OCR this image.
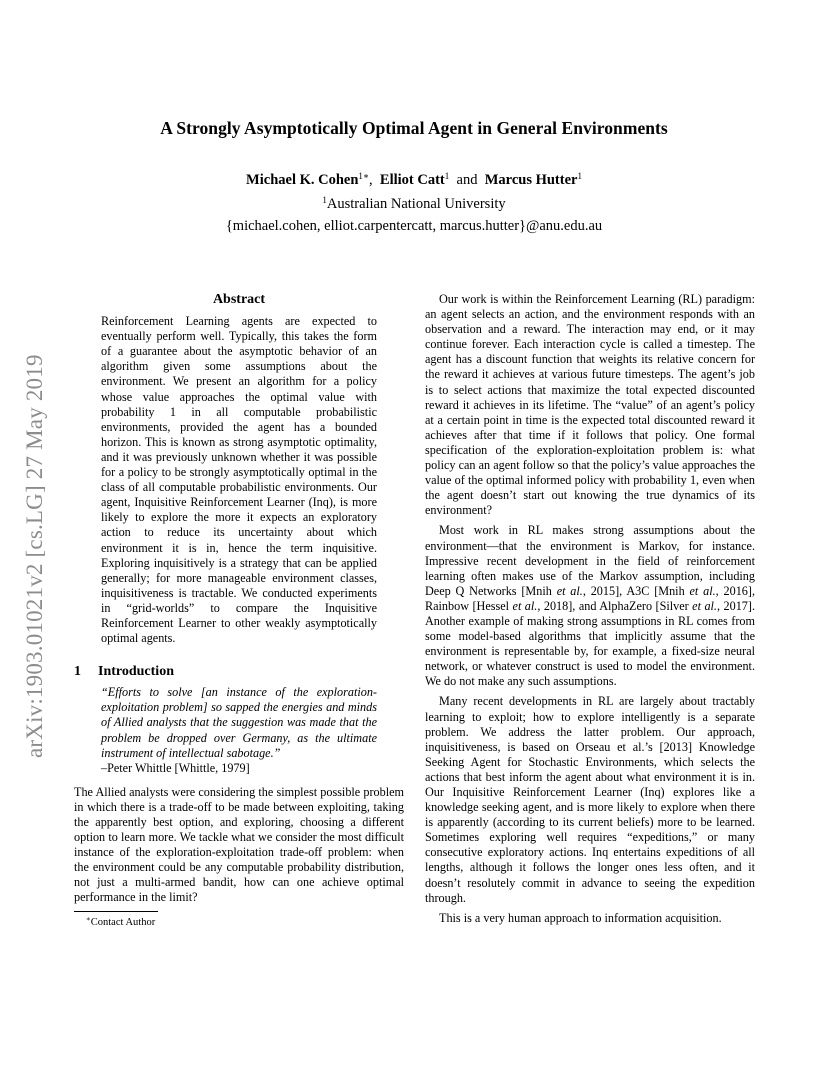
arXiv:1903.01021v2 [cs.LG] 27 May 2019
A Strongly Asymptotically Optimal Agent in General Environments
Michael K. Cohen$^{1∗}$, Elliot Catt$^1$ and Marcus Hutter$^1$
$^1$Australian National University
{michael.cohen, elliot.carpentercatt, marcus.hutter}@anu.edu.au
Abstract
Reinforcement Learning agents are expected to eventually perform well. Typically, this takes the form of a guarantee about the asymptotic behavior of an algorithm given some assumptions about the environment. We present an algorithm for a policy whose value approaches the optimal value with probability 1 in all computable probabilistic environments, provided the agent has a bounded horizon. This is known as strong asymptotic optimality, and it was previously unknown whether it was possible for a policy to be strongly asymptotically optimal in the class of all computable probabilistic environments. Our agent, Inquisitive Reinforcement Learner (Inq), is more likely to explore the more it expects an exploratory action to reduce its uncertainty about which environment it is in, hence the term inquisitive. Exploring inquisitively is a strategy that can be applied generally; for more manageable environment classes, inquisitiveness is tractable. We conducted experiments in “grid-worlds” to compare the Inquisitive Reinforcement Learner to other weakly asymptotically optimal agents.
1 Introduction
“Efforts to solve [an instance of the exploration-exploitation problem] so sapped the energies and minds of Allied analysts that the suggestion was made that the problem be dropped over Germany, as the ultimate instrument of intellectual sabotage.”
–Peter Whittle [Whittle, 1979]

The Allied analysts were considering the simplest possible problem in which there is a trade-off to be made between exploiting, taking the apparently best option, and exploring, choosing a different option to learn more. We tackle what we consider the most difficult instance of the exploration-exploitation trade-off problem: when the environment could be any computable probability distribution, not just a multi-armed bandit, how can one achieve optimal performance in the limit?

∗Contact Author

Our work is within the Reinforcement Learning (RL) paradigm: an agent selects an action, and the environment responds with an observation and a reward. The interaction may end, or it may continue forever. Each interaction cycle is called a timestep. The agent has a discount function that weights its relative concern for the reward it achieves at various future timesteps. The agent’s job is to select actions that maximize the total expected discounted reward it achieves in its lifetime. The “value” of an agent’s policy at a certain point in time is the expected total discounted reward it achieves after that time if it follows that policy. One formal specification of the exploration-exploitation problem is: what policy can an agent follow so that the policy’s value approaches the value of the optimal informed policy with probability 1, even when the agent doesn’t start out knowing the true dynamics of its environment?

Most work in RL makes strong assumptions about the environment—that the environment is Markov, for instance. Impressive recent development in the field of reinforcement learning often makes use of the Markov assumption, including Deep Q Networks [Mnih et al., 2015], A3C [Mnih et al., 2016], Rainbow [Hessel et al., 2018], and AlphaZero [Silver et al., 2017]. Another example of making strong assumptions in RL comes from some model-based algorithms that implicitly assume that the environment is representable by, for example, a fixed-size neural network, or whatever construct is used to model the environment. We do not make any such assumptions.

Many recent developments in RL are largely about tractably learning to exploit; how to explore intelligently is a separate problem. We address the latter problem. Our approach, inquisitiveness, is based on Orseau et al.’s [2013] Knowledge Seeking Agent for Stochastic Environments, which selects the actions that best inform the agent about what environment it is in. Our Inquisitive Reinforcement Learner (Inq) explores like a knowledge seeking agent, and is more likely to explore when there is apparently (according to its current beliefs) more to be learned. Sometimes exploring well requires “expeditions,” or many consecutive exploratory actions. Inq entertains expeditions of all lengths, although it follows the longer ones less often, and it doesn’t resolutely commit in advance to seeing the expedition through.

This is a very human approach to information acquisition.
